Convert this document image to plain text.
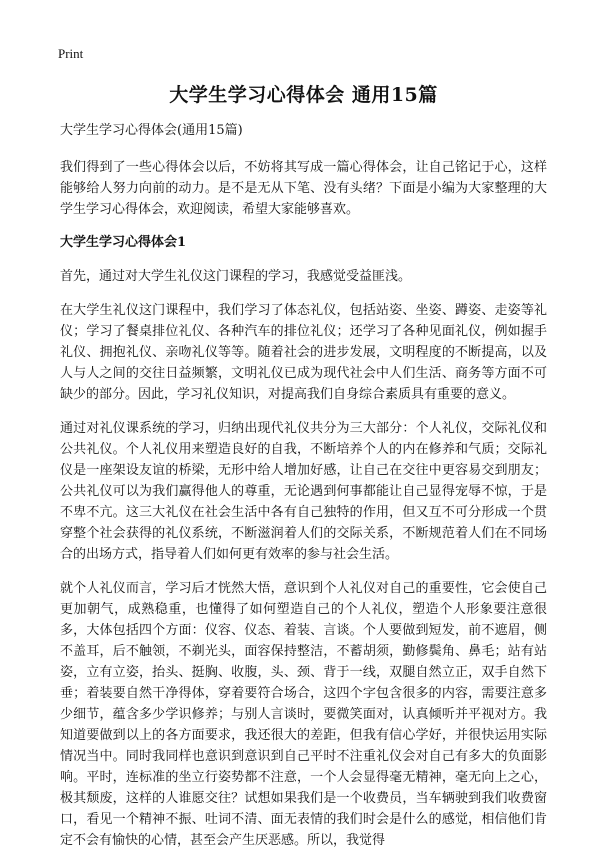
Print
大学生学习心得体会 通用15篇
大学生学习心得体会(通用15篇)

我们得到了一些心得体会以后，不妨将其写成一篇心得体会，让自己铭记于心，这样能够给人努力向前的动力。是不是无从下笔、没有头绪？下面是小编为大家整理的大学生学习心得体会，欢迎阅读，希望大家能够喜欢。

大学生学习心得体会1

首先，通过对大学生礼仪这门课程的学习，我感觉受益匪浅。

在大学生礼仪这门课程中，我们学习了体态礼仪，包括站姿、坐姿、蹲姿、走姿等礼仪；学习了餐桌排位礼仪、各种汽车的排位礼仪；还学习了各种见面礼仪，例如握手礼仪、拥抱礼仪、亲吻礼仪等等。随着社会的进步发展，文明程度的不断提高，以及人与人之间的交往日益频繁，文明礼仪已成为现代社会中人们生活、商务等方面不可缺少的部分。因此，学习礼仪知识，对提高我们自身综合素质具有重要的意义。

通过对礼仪课系统的学习，归纳出现代礼仪共分为三大部分：个人礼仪，交际礼仪和公共礼仪。个人礼仪用来塑造良好的自我，不断培养个人的内在修养和气质；交际礼仪是一座架设友谊的桥梁，无形中给人增加好感，让自己在交往中更容易交到朋友；公共礼仪可以为我们赢得他人的尊重，无论遇到何事都能让自己显得宠辱不惊，于是不卑不亢。这三大礼仪在社会生活中各有自己独特的作用，但又互不可分形成一个贯穿整个社会获得的礼仪系统，不断滋润着人们的交际关系，不断规范着人们在不同场合的出场方式，指导着人们如何更有效率的参与社会生活。

就个人礼仪而言，学习后才恍然大悟，意识到个人礼仪对自己的重要性，它会使自己更加朝气，成熟稳重，也懂得了如何塑造自己的个人礼仪，塑造个人形象要注意很多，大体包括四个方面：仪容、仪态、着装、言谈。个人要做到短发，前不遮眉，侧不盖耳，后不触领，不剃光头，面容保持整洁，不蓄胡须，勤修鬓角、鼻毛；站有站姿，立有立姿，抬头、挺胸、收腹，头、颈、背于一线，双腿自然立正，双手自然下垂；着装要自然干净得体，穿着要符合场合，这四个字包含很多的内容，需要注意多少细节，蕴含多少学识修养；与别人言谈时，要微笑面对，认真倾听并平视对方。我知道要做到以上的各方面要求，我还很大的差距，但我有信心学好，并很快运用实际情况当中。同时我同样也意识到意识到自己平时不注重礼仪会对自己有多大的负面影响。平时，连标准的坐立行姿势都不注意，一个人会显得毫无精神，毫无向上之心，极其颓废，这样的人谁愿交往？试想如果我们是一个收费员，当车辆驶到我们收费窗口，看见一个精神不振、吐词不清、面无表情的我们时会是什么的感觉，相信他们肯定不会有愉快的心情，甚至会产生厌恶感。所以，我觉得
